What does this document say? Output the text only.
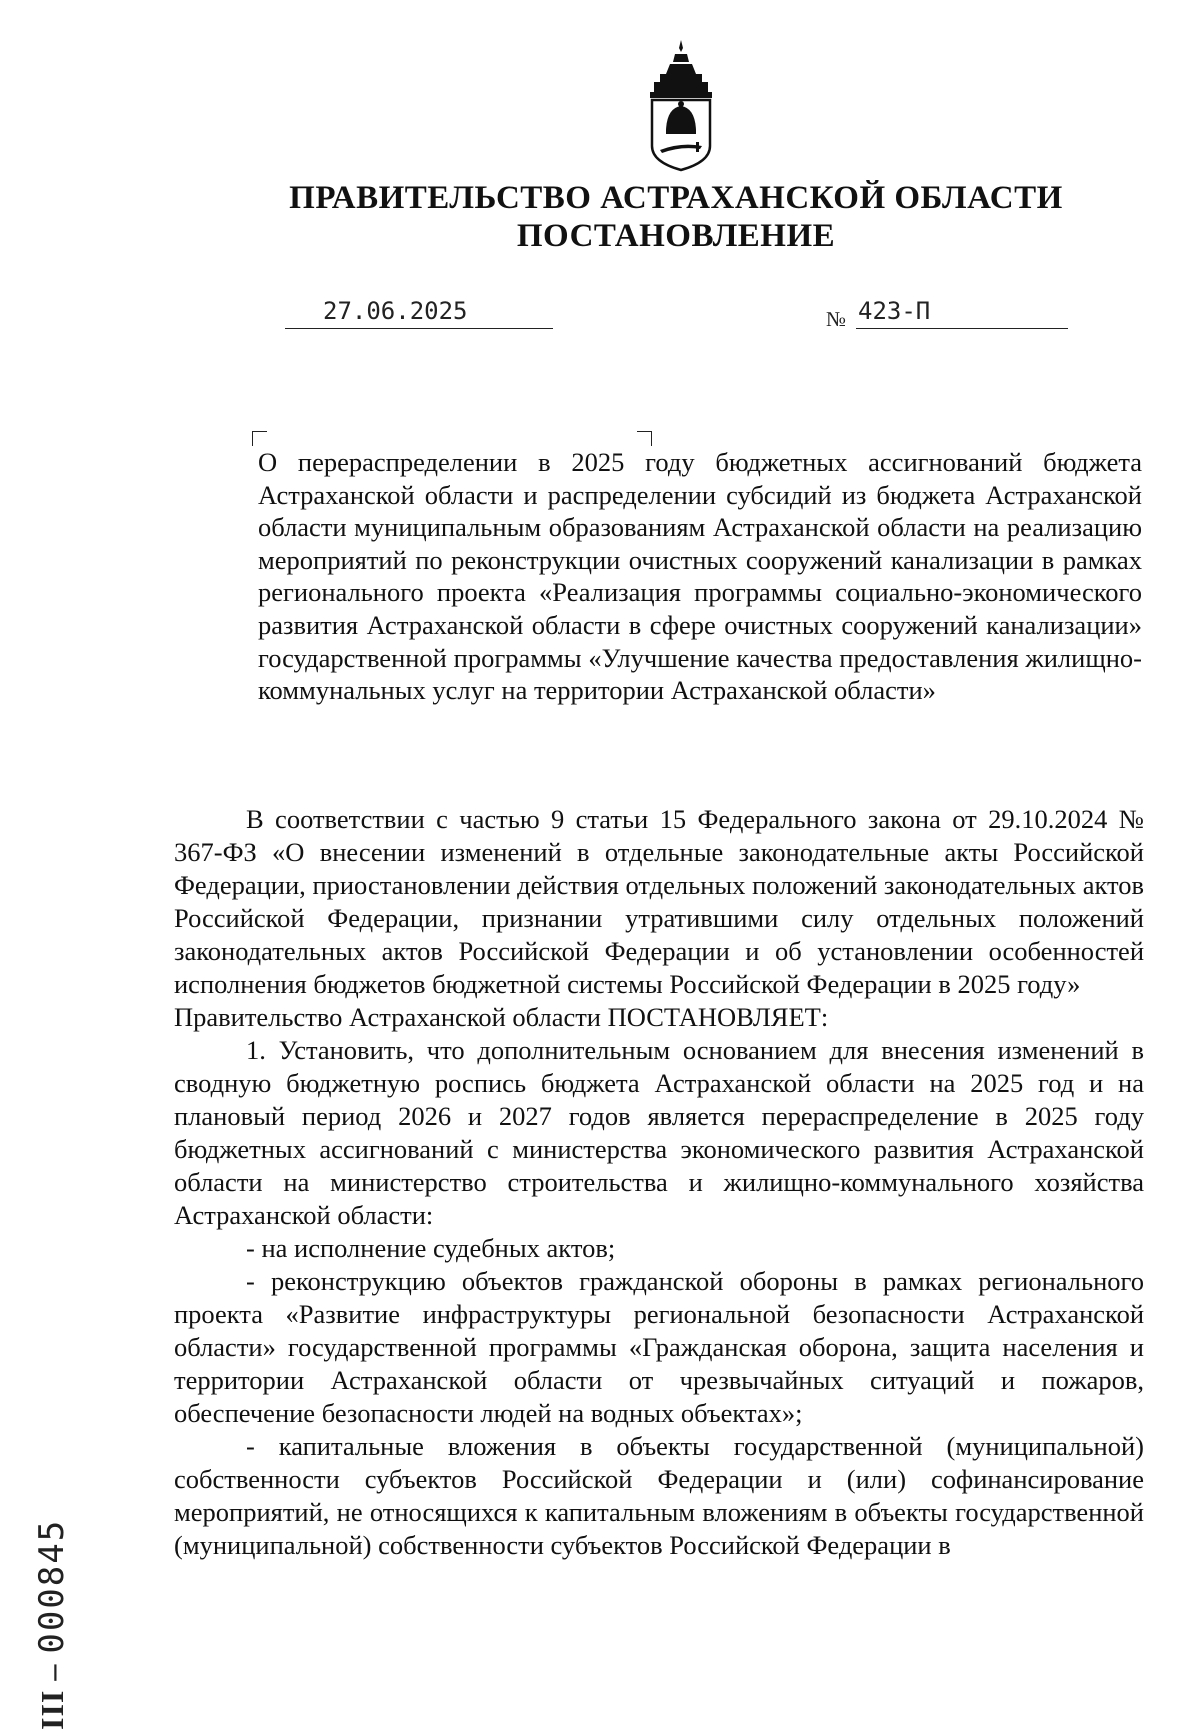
ПРАВИТЕЛЬСТВО АСТРАХАНСКОЙ ОБЛАСТИ
ПОСТАНОВЛЕНИЕ
27.06.2025	№ 423-П
О перераспределении в 2025 году бюджетных ассигнований бюджета Астраханской области и распределении субсидий из бюджета Астраханской области муниципальным образованиям Астраханской области на реализацию мероприятий по реконструкции очистных сооружений канализации в рамках регионального проекта «Реализация программы социально-экономического развития Астраханской области в сфере очистных сооружений канализации» государственной программы «Улучшение качества предоставления жилищно-коммунальных услуг на территории Астраханской области»

В соответствии с частью 9 статьи 15 Федерального закона от 29.10.2024 № 367-ФЗ «О внесении изменений в отдельные законодательные акты Российской Федерации, приостановлении действия отдельных положений законодательных актов Российской Федерации, признании утратившими силу отдельных положений законодательных актов Российской Федерации и об установлении особенностей исполнения бюджетов бюджетной системы Российской Федерации в 2025 году»

Правительство Астраханской области ПОСТАНОВЛЯЕТ:

1. Установить, что дополнительным основанием для внесения изменений в сводную бюджетную роспись бюджета Астраханской области на 2025 год и на плановый период 2026 и 2027 годов является перераспределение в 2025 году бюджетных ассигнований с министерства экономического развития Астраханской области на министерство строительства и жилищно-коммунального хозяйства Астраханской области:

- на исполнение судебных актов;

- реконструкцию объектов гражданской обороны в рамках регионального проекта «Развитие инфраструктуры региональной безопасности Астраханской области» государственной программы «Гражданская оборона, защита населения и территории Астраханской области от чрезвычайных ситуаций и пожаров, обеспечение безопасности людей на водных объектах»;

- капитальные вложения в объекты государственной (муниципальной) собственности субъектов Российской Федерации и (или) софинансирование мероприятий, не относящихся к капитальным вложениям в объекты государственной (муниципальной) собственности субъектов Российской Федерации в

ІІІ –000845
